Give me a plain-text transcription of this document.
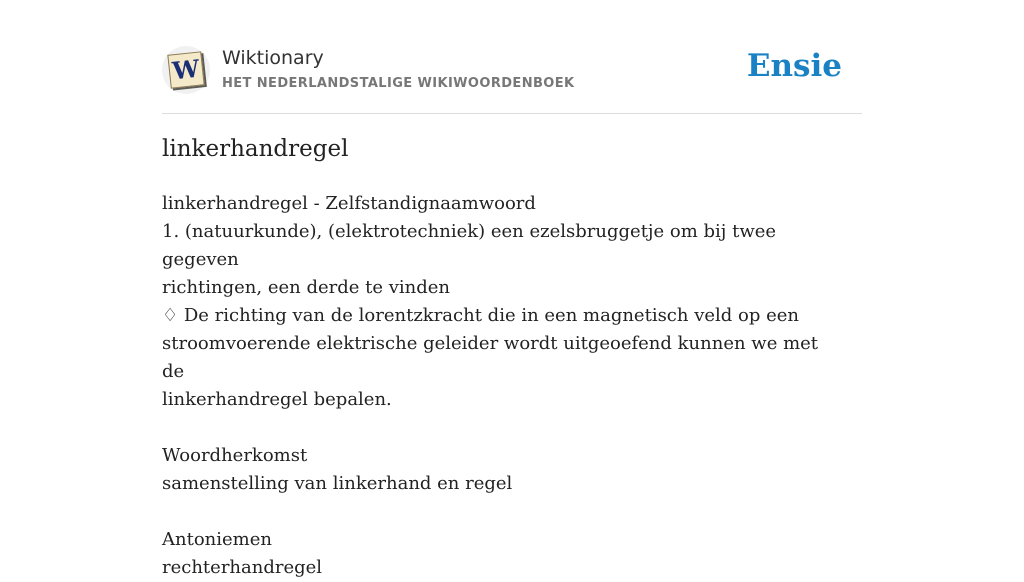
W Wiktionary
HET NEDERLANDSTALIGE WIKIWOORDENBOEK	Ensie
linkerhandregel
linkerhandregel - Zelfstandignaamwoord
1. (natuurkunde), (elektrotechniek) een ezelsbruggetje om bij twee gegeven
richtingen, een derde te vinden
♢ De richting van de lorentzkracht die in een magnetisch veld op een
stroomvoerende elektrische geleider wordt uitgeoefend kunnen we met de
linkerhandregel bepalen.
Woordherkomst
samenstelling van linkerhand en regel
Antoniemen
rechterhandregel
